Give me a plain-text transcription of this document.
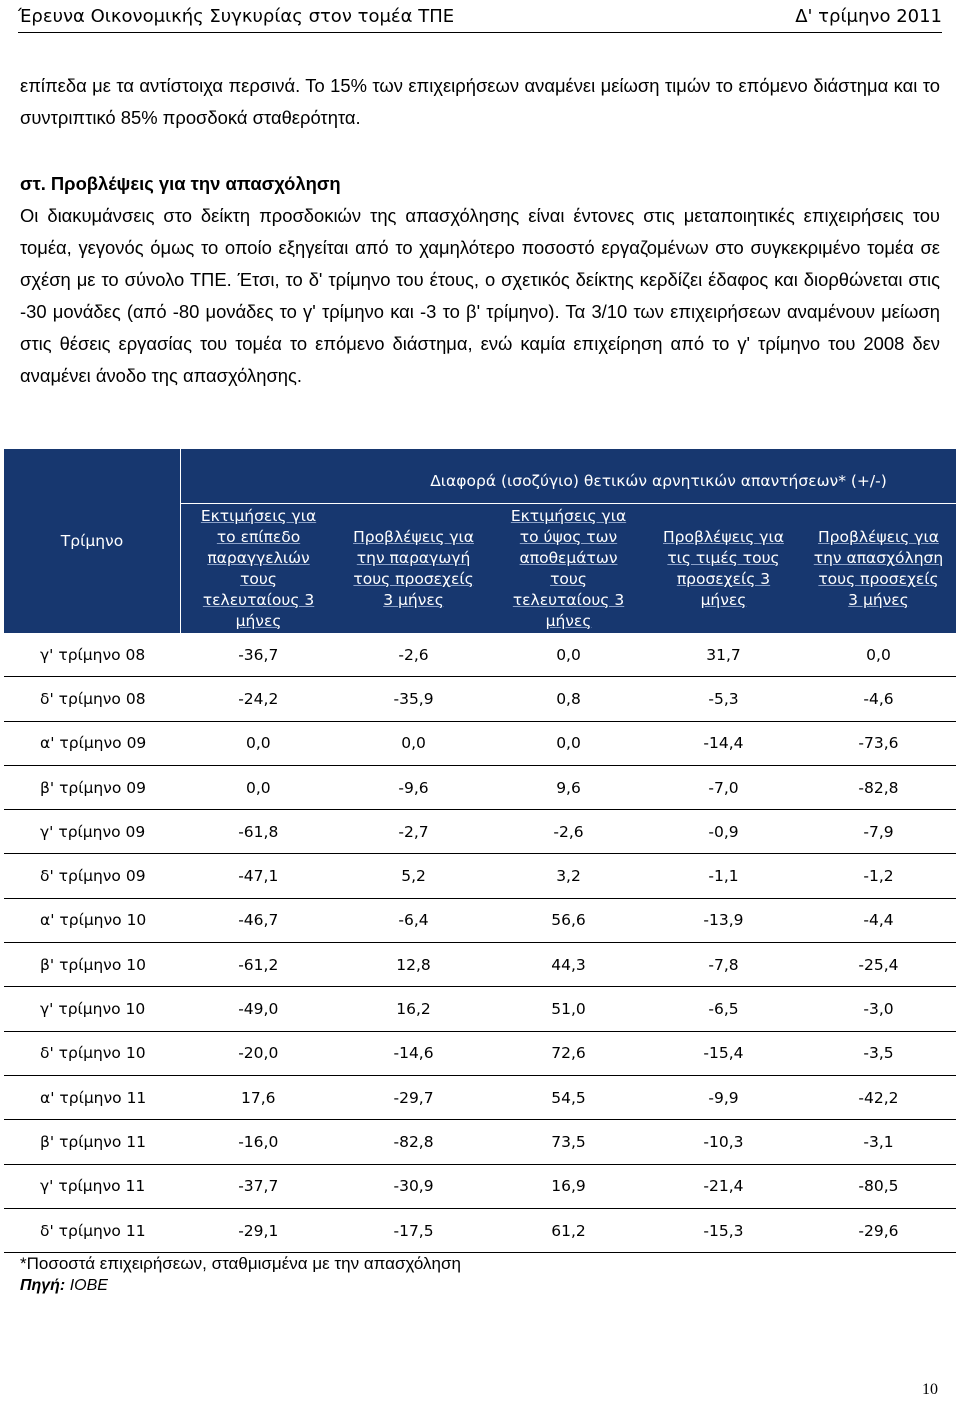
Έρευνα Οικονομικής Συγκυρίας στον τομέα ΤΠΕ	Δ' τρίμηνο 2011

επίπεδα με τα αντίστοιχα περσινά. Το 15% των επιχειρήσεων αναμένει μείωση τιμών το επόμενο διάστημα και το συντριπτικό 85% προσδοκά σταθερότητα.

στ. Προβλέψεις για την απασχόληση

Οι διακυμάνσεις στο δείκτη προσδοκιών της απασχόλησης είναι έντονες στις μεταποιητικές επιχειρήσεις του τομέα, γεγονός όμως το οποίο εξηγείται από το χαμηλότερο ποσοστό εργαζομένων στο συγκεκριμένο τομέα σε σχέση με το σύνολο ΤΠΕ. Έτσι, το δ' τρίμηνο του έτους, ο σχετικός δείκτης κερδίζει έδαφος και διορθώνεται στις -30 μονάδες (από -80 μονάδες το γ' τρίμηνο και -3 το β' τρίμηνο). Τα 3/10 των επιχειρήσεων αναμένουν μείωση στις θέσεις εργασίας του τομέα το επόμενο διάστημα, ενώ καμία επιχείρηση από το γ' τρίμηνο του 2008 δεν αναμένει άνοδο της απασχόλησης.

Τρίμηνο	Διαφορά (ισοζύγιο) θετικών αρνητικών απαντήσεων* (+/-)				
	Εκτιμήσεις για το επίπεδο παραγγελιών τους τελευταίους 3 μήνες	Προβλέψεις για την παραγωγή τους προσεχείς 3 μήνες	Εκτιμήσεις για το ύψος των αποθεμάτων τους τελευταίους 3 μήνες	Προβλέψεις για τις τιμές τους προσεχείς 3 μήνες	Προβλέψεις για την απασχόληση τους προσεχείς 3 μήνες
γ' τρίμηνο 08	-36,7	-2,6	0,0	31,7	0,0
δ' τρίμηνο 08	-24,2	-35,9	0,8	-5,3	-4,6
α' τρίμηνο 09	0,0	0,0	0,0	-14,4	-73,6
β' τρίμηνο 09	0,0	-9,6	9,6	-7,0	-82,8
γ' τρίμηνο 09	-61,8	-2,7	-2,6	-0,9	-7,9
δ' τρίμηνο 09	-47,1	5,2	3,2	-1,1	-1,2
α' τρίμηνο 10	-46,7	-6,4	56,6	-13,9	-4,4
β' τρίμηνο 10	-61,2	12,8	44,3	-7,8	-25,4
γ' τρίμηνο 10	-49,0	16,2	51,0	-6,5	-3,0
δ' τρίμηνο 10	-20,0	-14,6	72,6	-15,4	-3,5
α' τρίμηνο 11	17,6	-29,7	54,5	-9,9	-42,2
β' τρίμηνο 11	-16,0	-82,8	73,5	-10,3	-3,1
γ' τρίμηνο 11	-37,7	-30,9	16,9	-21,4	-80,5
δ' τρίμηνο 11	-29,1	-17,5	61,2	-15,3	-29,6
*Ποσοστά επιχειρήσεων, σταθμισμένα με την απασχόληση
Πηγή: ΙΟΒΕ
10
